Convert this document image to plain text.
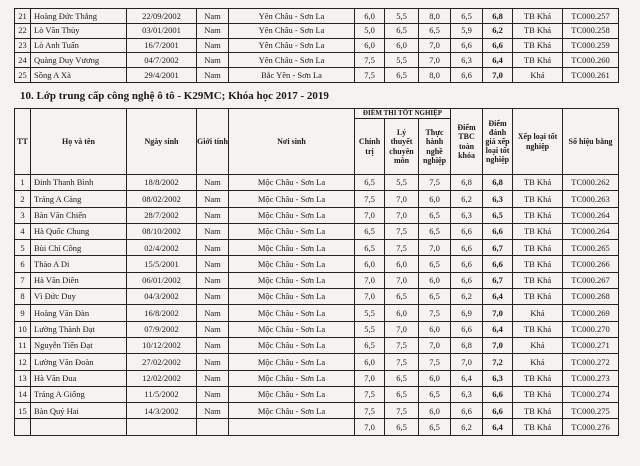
21	Hoàng Đức Thắng	22/09/2002	Nam	Yên Châu - Sơn La	6,0	5,5	8,0	6,5	6,8	TB Khá	TC000.257
22	Lò Văn Thủy	03/01/2001	Nam	Yên Châu - Sơn La	5,0	6,5	6,5	5,9	6,2	TB Khá	TC000.258
23	Lò Anh Tuấn	16/7/2001	Nam	Yên Châu - Sơn La	6,0	6,0	7,0	6,6	6,6	TB Khá	TC000.259
24	Quàng Duy Vương	04/7/2002	Nam	Yên Châu - Sơn La	7,5	5,5	7,0	6,3	6,4	TB Khá	TC000.260
25	Sồng A Xà	29/4/2001	Nam	Bắc Yên - Sơn La	7,5	6,5	8,0	6,6	7,0	Khá	TC000.261
10. Lớp trung cấp công nghệ ô tô - K29MC; Khóa học 2017 - 2019
TT	Họ và tên	Ngày sinh	Giới tính	Nơi sinh	ĐIỂM THI TỐT NGHIỆP			Điểm TBC toàn khóa	Điểm đánh giá xếp loại tốt nghiệp	Xếp loại tốt nghiệp	Số hiệu bằng
					Chính trị	Lý thuyết chuyên môn	Thực hành nghề nghiệp				
1	Đinh Thanh Bình	18/8/2002	Nam	Mộc Châu - Sơn La	6,5	5,5	7,5	6,8	6,8	TB Khá	TC000.262
2	Tráng A Càng	08/02/2002	Nam	Mộc Châu - Sơn La	7,5	7,0	6,0	6,2	6,3	TB Khá	TC000.263
3	Bàn Văn Chiến	28/7/2002	Nam	Mộc Châu - Sơn La	7,0	7,0	6,5	6,3	6,5	TB Khá	TC000.264
4	Hà Quốc Chung	08/10/2002	Nam	Mộc Châu - Sơn La	6,5	7,5	6,5	6,6	6,6	TB Khá	TC000.264
5	Bùi Chí Công	02/4/2002	Nam	Mộc Châu - Sơn La	6,5	7,5	7,0	6,6	6,7	TB Khá	TC000.265
6	Thào A Di	15/5/2001	Nam	Mộc Châu - Sơn La	6,0	6,0	6,5	6,6	6,6	TB Khá	TC000.266
7	Hà Văn Diên	06/01/2002	Nam	Mộc Châu - Sơn La	7,0	7,0	6,0	6,6	6,7	TB Khá	TC000.267
8	Vì Đức Duy	04/3/2002	Nam	Mộc Châu - Sơn La	7,0	6,5	6,5	6,2	6,4	TB Khá	TC000.268
9	Hoàng Văn Đàn	16/8/2002	Nam	Mộc Châu - Sơn La	5,5	6,0	7,5	6,9	7,0	Khá	TC000.269
10	Lường Thành Đạt	07/9/2002	Nam	Mộc Châu - Sơn La	5,5	7,0	6,0	6,6	6,4	TB Khá	TC000.270
11	Nguyễn Tiến Đạt	10/12/2002	Nam	Mộc Châu - Sơn La	6,5	7,5	7,0	6,8	7,0	Khá	TC000.271
12	Lường Văn Đoàn	27/02/2002	Nam	Mộc Châu - Sơn La	6,0	7,5	7,5	7,0	7,2	Khá	TC000.272
13	Hà Văn Đua	12/02/2002	Nam	Mộc Châu - Sơn La	7,0	6,5	6,0	6,4	6,3	TB Khá	TC000.273
14	Tráng A Giống	11/5/2002	Nam	Mộc Châu - Sơn La	7,5	6,5	6,5	6,3	6,6	TB Khá	TC000.274
15	Bàn Quý Hai	14/3/2002	Nam	Mộc Châu - Sơn La	7,5	7,5	6,0	6,6	6,6	TB Khá	TC000.275
					7,0	6,5	6,5	6,2	6,4	TB Khá	TC000.276
